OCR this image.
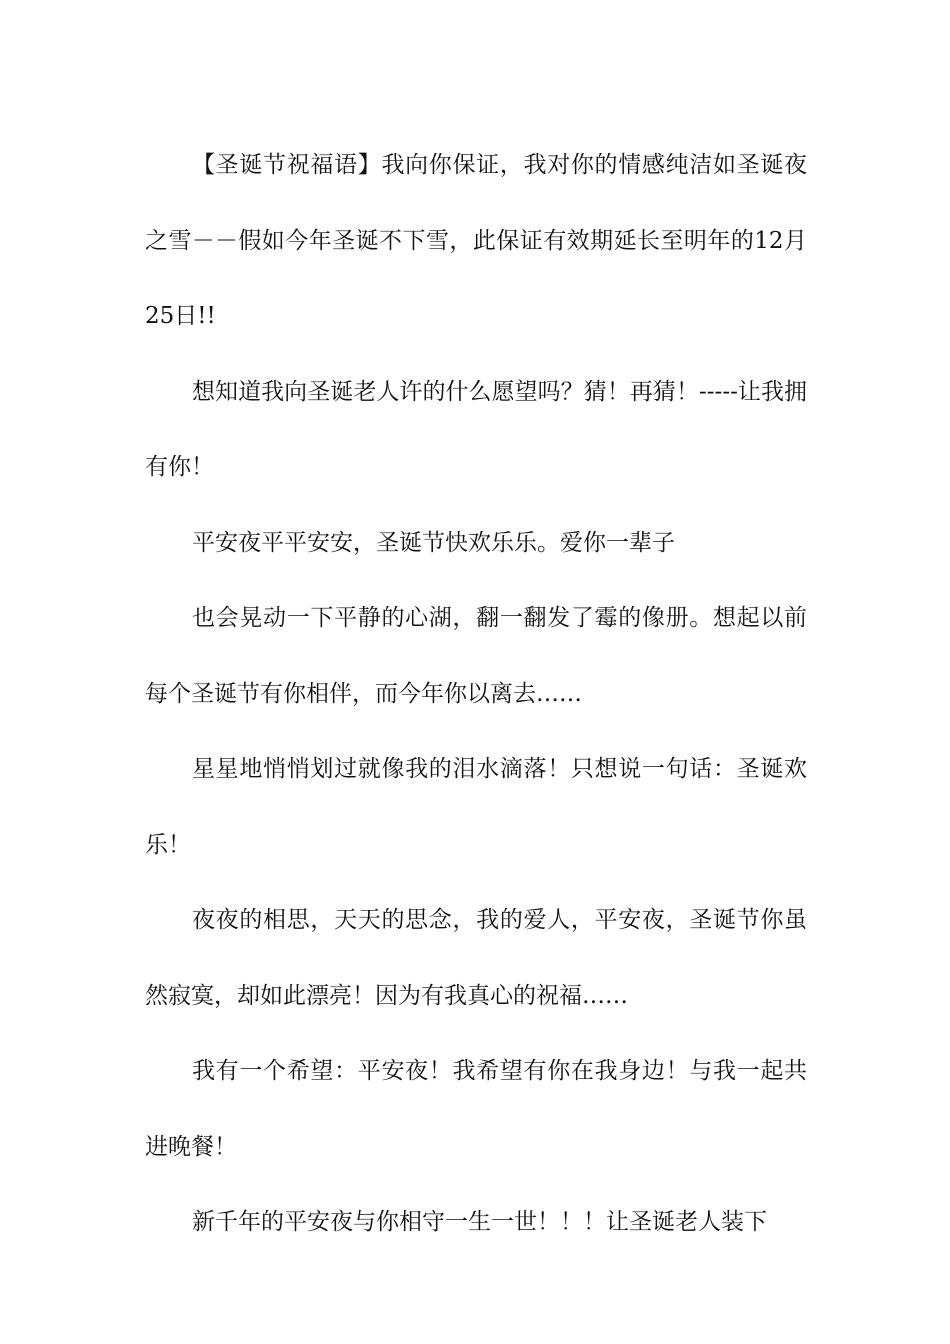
【圣诞节祝福语】我向你保证，我对你的情感纯洁如圣诞夜之雪－－假如今年圣诞不下雪，此保证有效期延长至明年的12月25日!!

想知道我向圣诞老人许的什么愿望吗？猜！再猜！-----让我拥有你！

平安夜平平安安，圣诞节快欢乐乐。爱你一辈子

也会晃动一下平静的心湖，翻一翻发了霉的像册。想起以前每个圣诞节有你相伴，而今年你以离去……

星星地悄悄划过就像我的泪水滴落！只想说一句话：圣诞欢乐！

夜夜的相思，天天的思念，我的爱人，平安夜，圣诞节你虽然寂寞，却如此漂亮！因为有我真心的祝福……

我有一个希望：平安夜！我希望有你在我身边！与我一起共进晚餐！

新千年的平安夜与你相守一生一世！！！让圣诞老人装下
